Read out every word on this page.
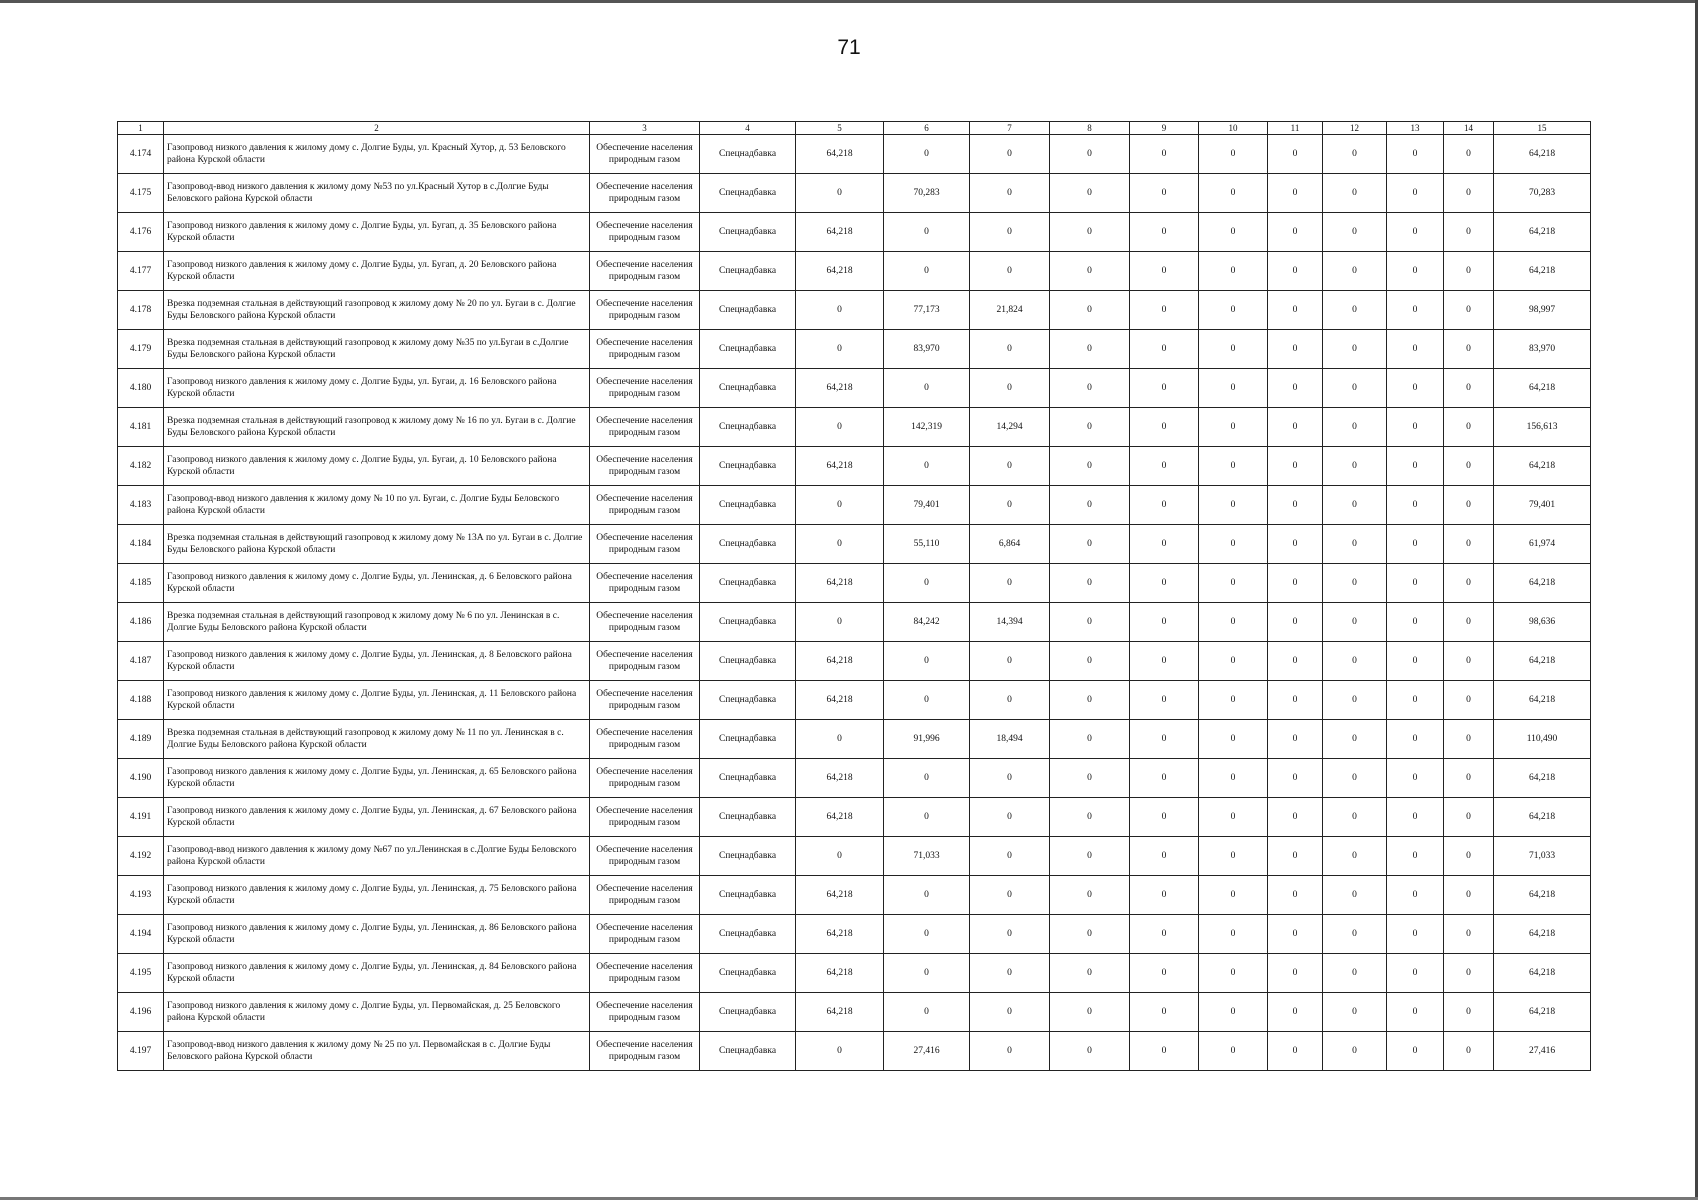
71
1	2	3	4	5	6	7	8	9	10	11	12	13	14	15
4.174	Газопровод низкого давления к жилому дому с. Долгие Буды, ул. Красный Хутор, д. 53 Беловского района Курской области	Обеспечение населения природным газом	Спецнадбавка	64,218	0	0	0	0	0	0	0	0	0	64,218
4.175	Газопровод-ввод низкого давления к жилому дому №53 по ул.Красный Хутор в с.Долгие Буды Беловского района Курской области	Обеспечение населения природным газом	Спецнадбавка	0	70,283	0	0	0	0	0	0	0	0	70,283
4.176	Газопровод низкого давления к жилому дому с. Долгие Буды, ул. Бугап, д. 35 Беловского района Курской области	Обеспечение населения природным газом	Спецнадбавка	64,218	0	0	0	0	0	0	0	0	0	64,218
4.177	Газопровод низкого давления к жилому дому с. Долгие Буды, ул. Бугап, д. 20 Беловского района Курской области	Обеспечение населения природным газом	Спецнадбавка	64,218	0	0	0	0	0	0	0	0	0	64,218
4.178	Врезка подземная стальная в действующий газопровод к жилому дому № 20 по ул. Бугаи в с. Долгие Буды Беловского района Курской области	Обеспечение населения природным газом	Спецнадбавка	0	77,173	21,824	0	0	0	0	0	0	0	98,997
4.179	Врезка подземная стальная в действующий газопровод к жилому дому №35 по ул.Бугаи в с.Долгие Буды Беловского района Курской области	Обеспечение населения природным газом	Спецнадбавка	0	83,970	0	0	0	0	0	0	0	0	83,970
4.180	Газопровод низкого давления к жилому дому с. Долгие Буды, ул. Бугаи, д. 16 Беловского района Курской области	Обеспечение населения природным газом	Спецнадбавка	64,218	0	0	0	0	0	0	0	0	0	64,218
4.181	Врезка подземная стальная в действующий газопровод к жилому дому № 16 по ул. Бугаи в с. Долгие Буды Беловского района Курской области	Обеспечение населения природным газом	Спецнадбавка	0	142,319	14,294	0	0	0	0	0	0	0	156,613
4.182	Газопровод низкого давления к жилому дому с. Долгие Буды, ул. Бугаи, д. 10 Беловского района Курской области	Обеспечение населения природным газом	Спецнадбавка	64,218	0	0	0	0	0	0	0	0	0	64,218
4.183	Газопровод-ввод низкого давления к жилому дому № 10 по ул. Бугаи, с. Долгие Буды Беловского района Курской области	Обеспечение населения природным газом	Спецнадбавка	0	79,401	0	0	0	0	0	0	0	0	79,401
4.184	Врезка подземная стальная в действующий газопровод к жилому дому № 13А по ул. Бугаи в с. Долгие Буды Беловского района Курской области	Обеспечение населения природным газом	Спецнадбавка	0	55,110	6,864	0	0	0	0	0	0	0	61,974
4.185	Газопровод низкого давления к жилому дому с. Долгие Буды, ул. Ленинская, д. 6 Беловского района Курской области	Обеспечение населения природным газом	Спецнадбавка	64,218	0	0	0	0	0	0	0	0	0	64,218
4.186	Врезка подземная стальная в действующий газопровод к жилому дому № 6 по ул. Ленинская в с. Долгие Буды Беловского района Курской области	Обеспечение населения природным газом	Спецнадбавка	0	84,242	14,394	0	0	0	0	0	0	0	98,636
4.187	Газопровод низкого давления к жилому дому с. Долгие Буды, ул. Ленинская, д. 8 Беловского района Курской области	Обеспечение населения природным газом	Спецнадбавка	64,218	0	0	0	0	0	0	0	0	0	64,218
4.188	Газопровод низкого давления к жилому дому с. Долгие Буды, ул. Ленинская, д. 11 Беловского района Курской области	Обеспечение населения природным газом	Спецнадбавка	64,218	0	0	0	0	0	0	0	0	0	64,218
4.189	Врезка подземная стальная в действующий газопровод к жилому дому № 11 по ул. Ленинская в с. Долгие Буды Беловского района Курской области	Обеспечение населения природным газом	Спецнадбавка	0	91,996	18,494	0	0	0	0	0	0	0	110,490
4.190	Газопровод низкого давления к жилому дому с. Долгие Буды, ул. Ленинская, д. 65 Беловского района Курской области	Обеспечение населения природным газом	Спецнадбавка	64,218	0	0	0	0	0	0	0	0	0	64,218
4.191	Газопровод низкого давления к жилому дому с. Долгие Буды, ул. Ленинская, д. 67 Беловского района Курской области	Обеспечение населения природным газом	Спецнадбавка	64,218	0	0	0	0	0	0	0	0	0	64,218
4.192	Газопровод-ввод низкого давления к жилому дому №67 по ул.Ленинская в с.Долгие Буды Беловского района Курской области	Обеспечение населения природным газом	Спецнадбавка	0	71,033	0	0	0	0	0	0	0	0	71,033
4.193	Газопровод низкого давления к жилому дому с. Долгие Буды, ул. Ленинская, д. 75 Беловского района Курской области	Обеспечение населения природным газом	Спецнадбавка	64,218	0	0	0	0	0	0	0	0	0	64,218
4.194	Газопровод низкого давления к жилому дому с. Долгие Буды, ул. Ленинская, д. 86 Беловского района Курской области	Обеспечение населения природным газом	Спецнадбавка	64,218	0	0	0	0	0	0	0	0	0	64,218
4.195	Газопровод низкого давления к жилому дому с. Долгие Буды, ул. Ленинская, д. 84 Беловского района Курской области	Обеспечение населения природным газом	Спецнадбавка	64,218	0	0	0	0	0	0	0	0	0	64,218
4.196	Газопровод низкого давления к жилому дому с. Долгие Буды, ул. Первомайская, д. 25 Беловского района Курской области	Обеспечение населения природным газом	Спецнадбавка	64,218	0	0	0	0	0	0	0	0	0	64,218
4.197	Газопровод-ввод низкого давления к жилому дому № 25 по ул. Первомайская в с. Долгие Буды Беловского района Курской области	Обеспечение населения природным газом	Спецнадбавка	0	27,416	0	0	0	0	0	0	0	0	27,416
